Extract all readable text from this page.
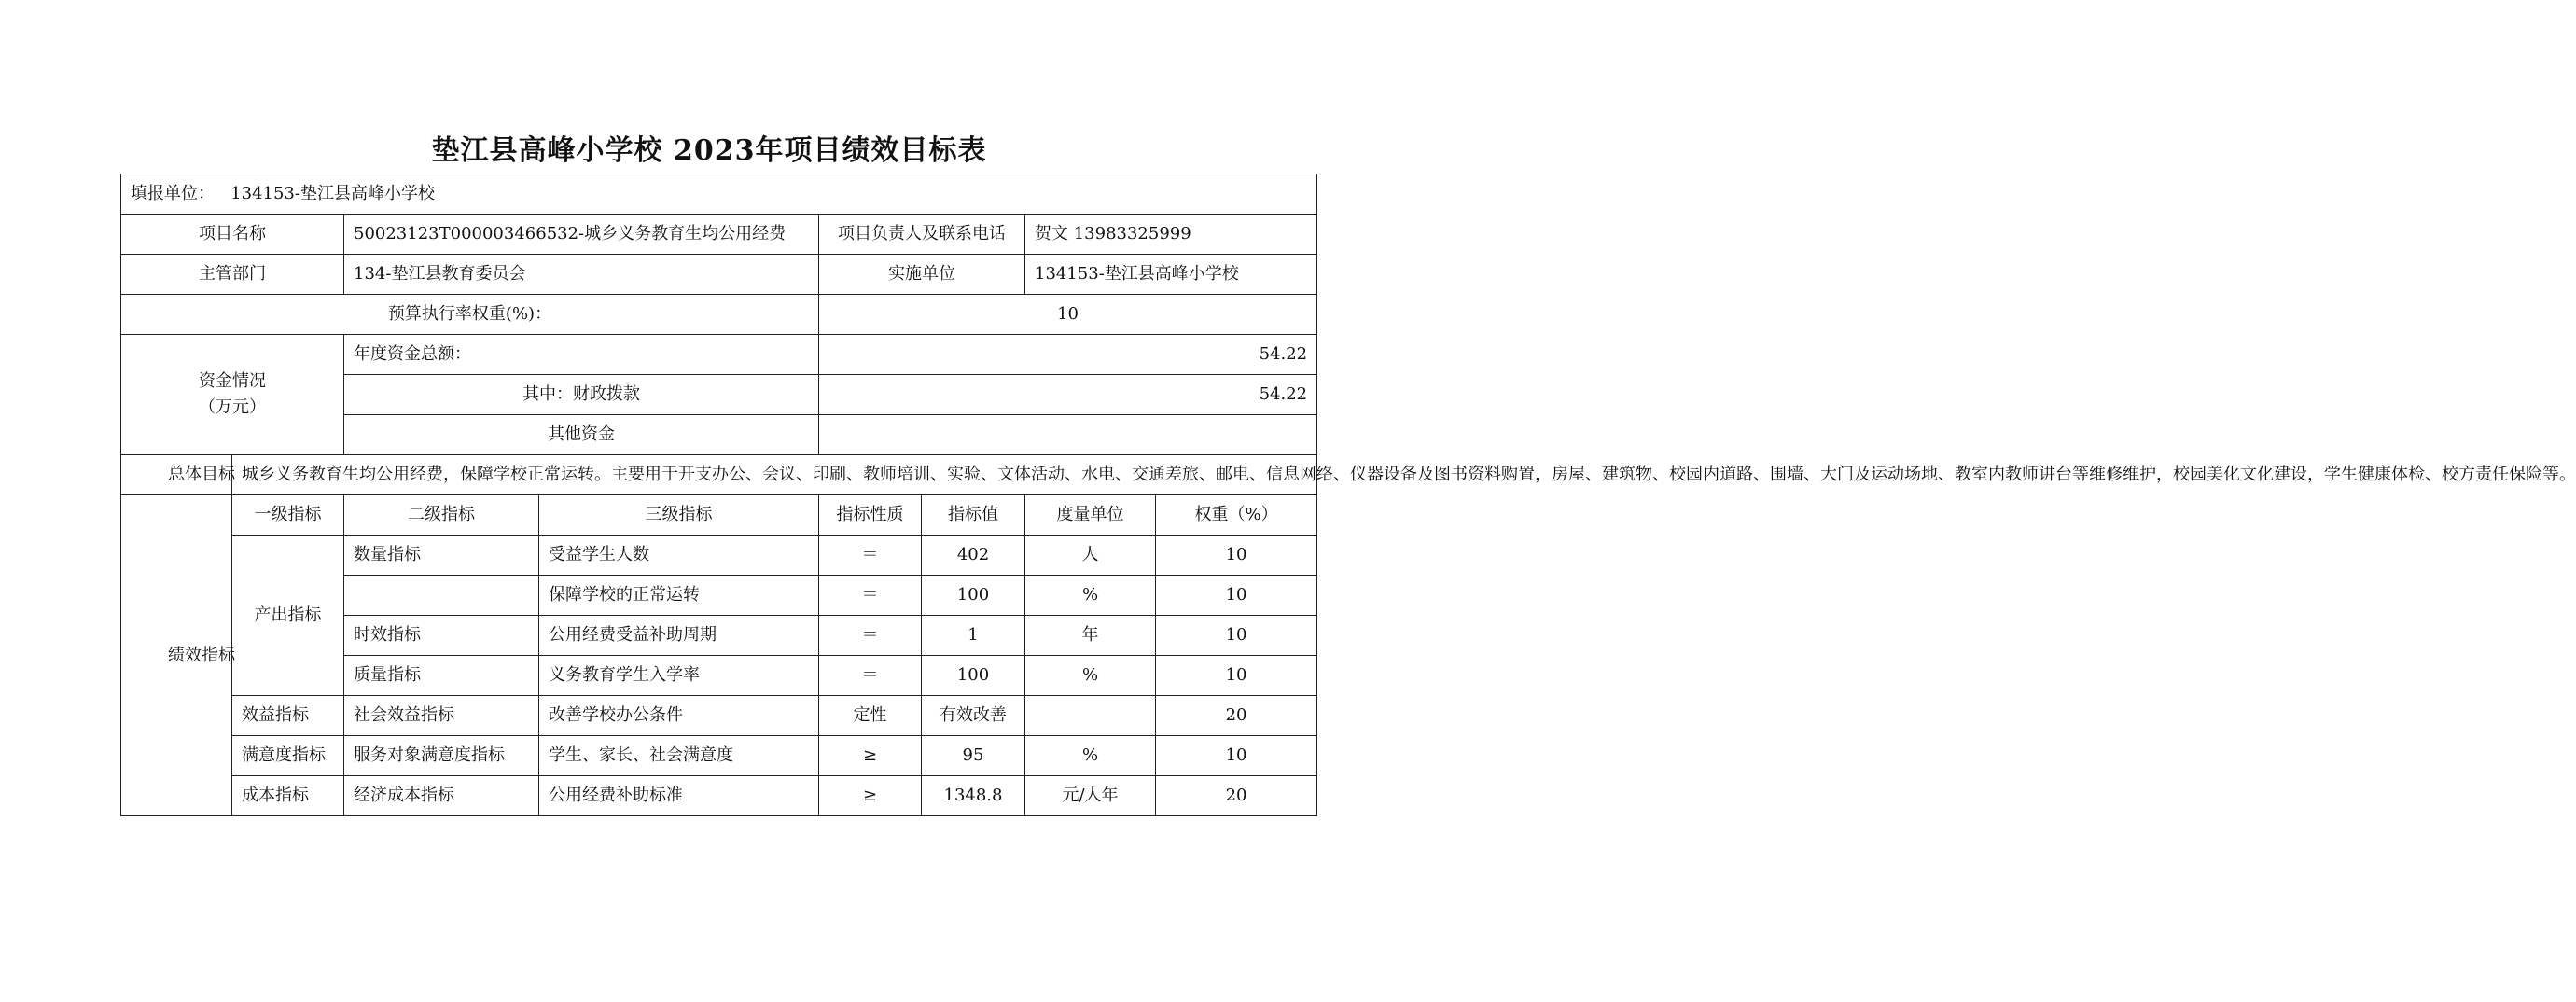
垫江县高峰小学校 2023年项目绩效目标表
填报单位： 134153-垫江县高峰小学校							
项目名称		50023123T000003466532-城乡义务教育生均公用经费		项目负责人及联系电话		贺文 13983325999	
主管部门		134-垫江县教育委员会		实施单位		134153-垫江县高峰小学校	
预算执行率权重(%)：				10			
资金情况
（万元）		年度资金总额：		54.22			
		其中：财政拨款		54.22			
		其他资金					

总体目标	城乡义务教育生均公用经费，保障学校正常运转。主要用于开支办公、会议、印刷、教师培训、实验、文体活动、水电、交通差旅、邮电、信息网络、仪器设备及图书资料购置，房屋、建筑物、校园内道路、围墙、大门及运动场地、教室内教师讲台等维修维护，校园美化文化建设，学生健康体检、校方责任保险等。						

绩效指标	一级指标	二级指标	三级指标	指标性质	指标值	度量单位	权重（%）
	产出指标	数量指标	受益学生人数	＝	402	人	10
			保障学校的正常运转	＝	100	%	10
		时效指标	公用经费受益补助周期	＝	1	年	10
		质量指标	义务教育学生入学率	＝	100	%	10
	效益指标	社会效益指标	改善学校办公条件	定性	有效改善		20
	满意度指标	服务对象满意度指标	学生、家长、社会满意度	≥	95	%	10
	成本指标	经济成本指标	公用经费补助标准	≥	1348.8	元/人年	20
